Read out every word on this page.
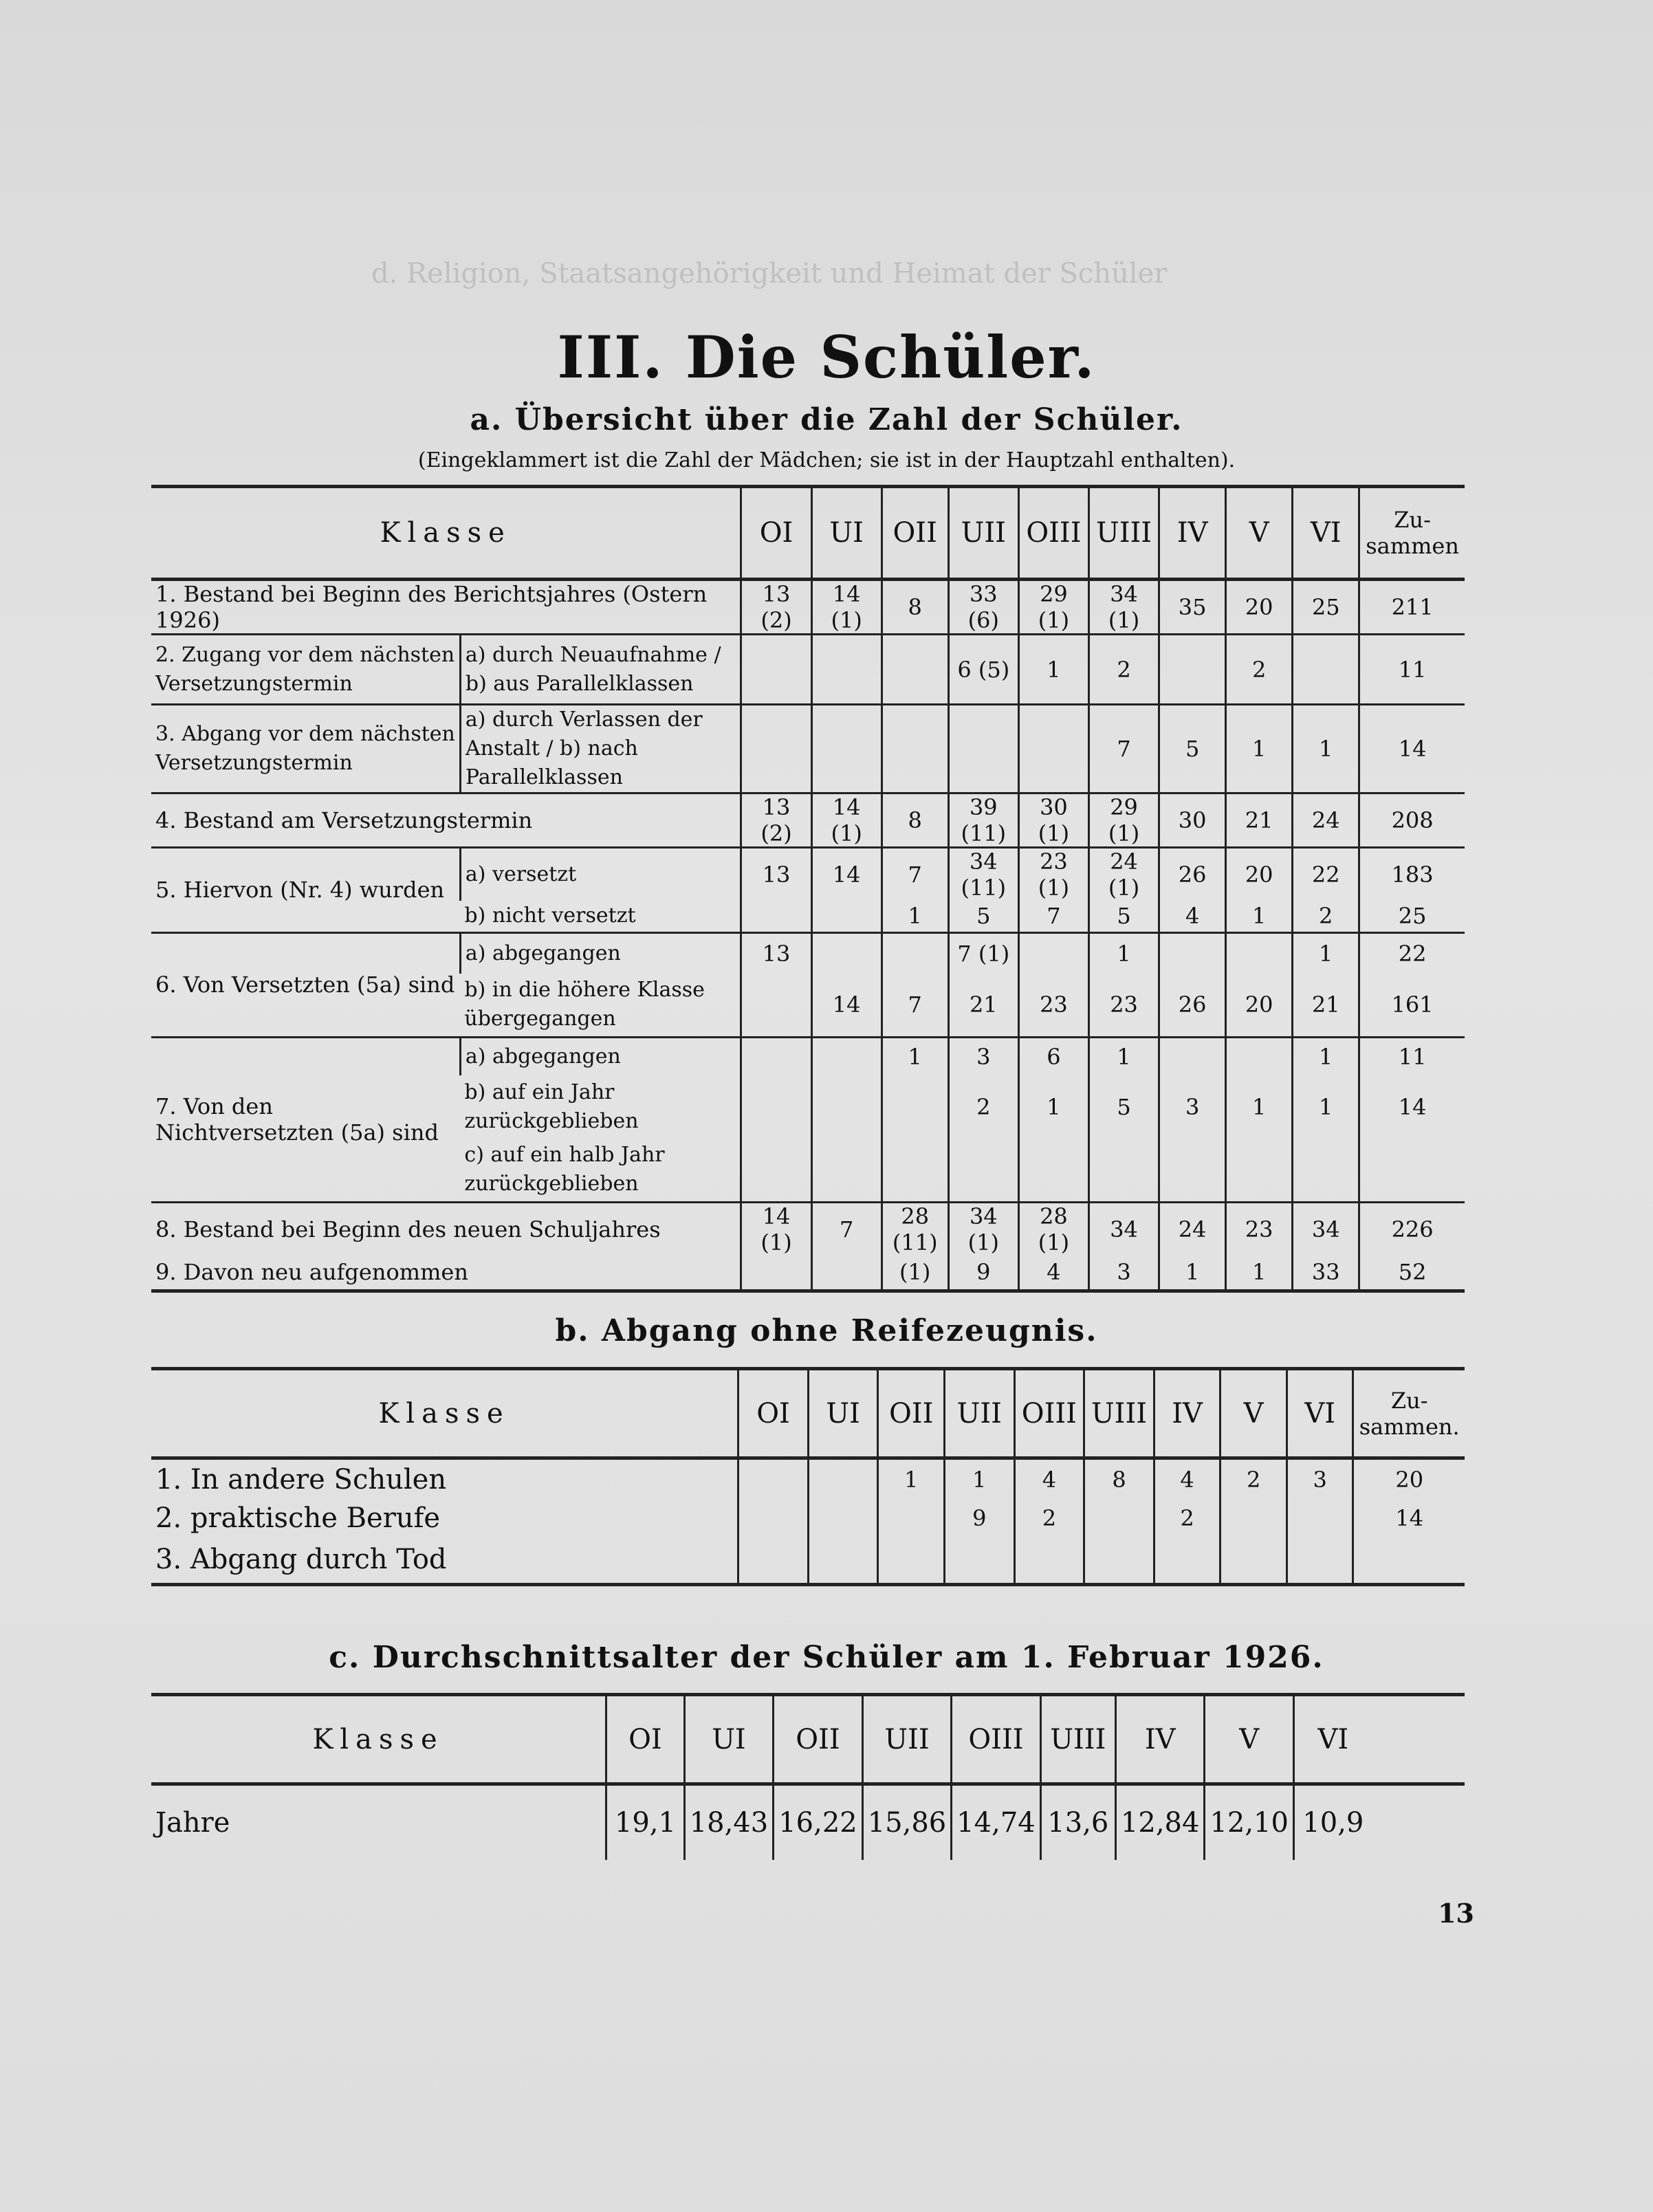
d. Religion, Staatsangehörigkeit und Heimat der Schüler
III. Die Schüler.
a. Übersicht über die Zahl der Schüler.
(Eingeklammert ist die Zahl der Mädchen; sie ist in der Hauptzahl enthalten).
Klasse		OI	UI	OII	UII	OIII	UIII	IV	V	VI	Zu-
sammen

1. Bestand bei Beginn des Berichtsjahres (Ostern 1926)		13 (2)	14 (1)	8	33 (6)	29 (1)	34 (1)	35	20	25	211
2. Zugang vor dem nächsten Versetzungstermin	a) durch Neuaufnahme / b) aus Parallelklassen				6 (5)	1	2		2		11
3. Abgang vor dem nächsten Versetzungstermin	a) durch Verlassen der Anstalt / b) nach Parallelklassen						7	5	1	1	14
4. Bestand am Versetzungstermin		13 (2)	14 (1)	8	39 (11)	30 (1)	29 (1)	30	21	24	208
5. Hiervon (Nr. 4) wurden	a) versetzt	13	14	7	34 (11)	23 (1)	24 (1)	26	20	22	183
	b) nicht versetzt			1	5	7	5	4	1	2	25
6. Von Versetzten (5a) sind	a) abgegangen	13			7 (1)		1			1	22
	b) in die höhere Klasse übergegangen		14	7	21	23	23	26	20	21	161
7. Von den Nichtversetzten (5a) sind	a) abgegangen			1	3	6	1			1	11
	b) auf ein Jahr zurückgeblieben				2	1	5	3	1	1	14
	c) auf ein halb Jahr zurückgeblieben										
8. Bestand bei Beginn des neuen Schuljahres		14 (1)	7	28 (11)	34 (1)	28 (1)	34	24	23	34	226
9. Davon neu aufgenommen				(1)	9	4	3	1	1	33	52
b. Abgang ohne Reifezeugnis.
Klasse	OI	UI	OII	UII	OIII	UIII	IV	V	VI	Zu-
sammen.

1. In andere Schulen			1	1	4	8	4	2	3	20
2. praktische Berufe				9	2		2			14
3. Abgang durch Tod										
c. Durchschnittsalter der Schüler am 1. Februar 1926.
Klasse	OI	UI	OII	UII	OIII	UIII	IV	V	VI	
Jahre	19,1	18,43	16,22	15,86	14,74	13,6	12,84	12,10	10,9	
13
